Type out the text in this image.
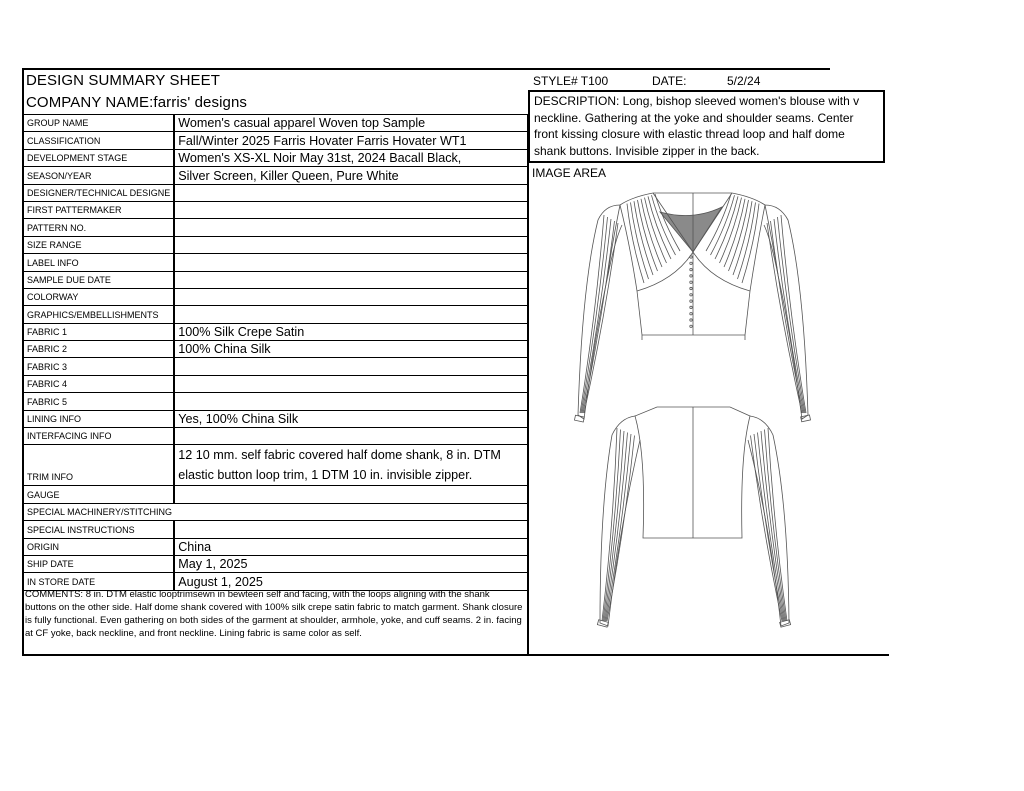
DESIGN SUMMARY SHEET
COMPANY NAME:farris' designs
STYLE# T100	DATE:	5/2/24
DESCRIPTION: Long, bishop sleeved women's blouse with v neckline. Gathering at the yoke and shoulder seams. Center front kissing closure with elastic thread loop and half dome shank buttons. Invisible zipper in the back.
IMAGE AREA
GROUP NAME	Women's casual apparel Woven top Sample
CLASSIFICATION	Fall/Winter 2025 Farris Hovater Farris Hovater WT1
DEVELOPMENT STAGE	Women's XS-XL Noir May 31st, 2024 Bacall Black,
SEASON/YEAR	Silver Screen, Killer Queen, Pure White
DESIGNER/TECHNICAL DESIGNE	
FIRST PATTERMAKER	
PATTERN NO.	
SIZE RANGE	
LABEL INFO	
SAMPLE DUE DATE	
COLORWAY	
GRAPHICS/EMBELLISHMENTS	
FABRIC 1	100% Silk Crepe Satin
FABRIC 2	100% China Silk
FABRIC 3	
FABRIC 4	
FABRIC 5	
LINING INFO	Yes, 100% China Silk
INTERFACING INFO	
TRIM INFO	12 10 mm. self fabric covered half dome shank, 8 in. DTM elastic button loop trim, 1 DTM 10 in. invisible zipper.

GAUGE	
SPECIAL MACHINERY/STITCHING	
SPECIAL INSTRUCTIONS	
ORIGIN	China
SHIP DATE	May 1, 2025
IN STORE DATE	August 1, 2025
COMMENTS: 8 in. DTM elastic looptrimsewn in bewteen self and facing, with the loops aligning with the shank buttons on the other side. Half dome shank covered with 100% silk crepe satin fabric to match garment. Shank closure is fully functional. Even gathering on both sides of the garment at shoulder, armhole, yoke, and cuff seams. 2 in. facing at CF yoke, back neckline, and front neckline. Lining fabric is same color as self.
